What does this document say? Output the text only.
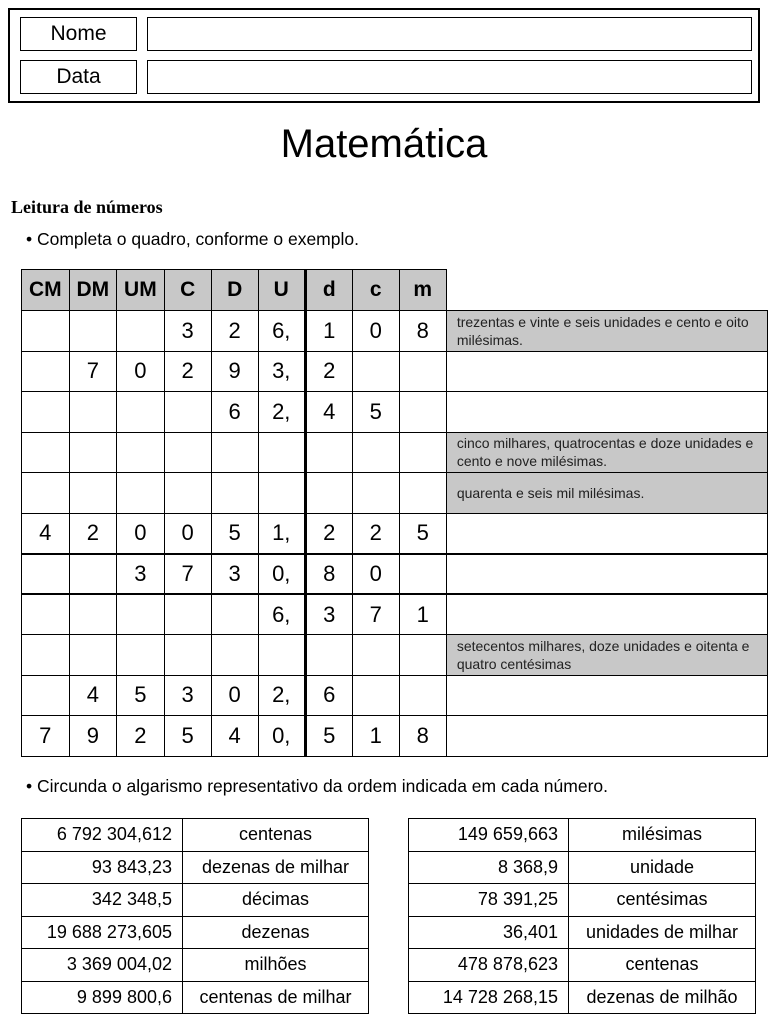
Nome
Data
Matemática
Leitura de números
• Completa o quadro, conforme o exemplo.
CM	DM	UM	C	D	U	d	c	m	
			3	2	6,	1	0	8	trezentas e vinte e seis unidades e cento e oito milésimas.
	7	0	2	9	3,	2			
				6	2,	4	5		
									cinco milhares, quatrocentas e doze unidades e cento e nove milésimas.
									quarenta e seis mil milésimas.
4	2	0	0	5	1,	2	2	5	
		3	7	3	0,	8	0		
					6,	3	7	1	
									setecentos milhares, doze unidades e oitenta e quatro centésimas
	4	5	3	0	2,	6			
7	9	2	5	4	0,	5	1	8	
• Circunda o algarismo representativo da ordem indicada em cada número.
6 792 304,612	centenas
93 843,23	dezenas de milhar
342 348,5	décimas
19 688 273,605	dezenas
3 369 004,02	milhões
9 899 800,6	centenas de milhar
149 659,663	milésimas
8 368,9	unidade
78 391,25	centésimas
36,401	unidades de milhar
478 878,623	centenas
14 728 268,15	dezenas de milhão
